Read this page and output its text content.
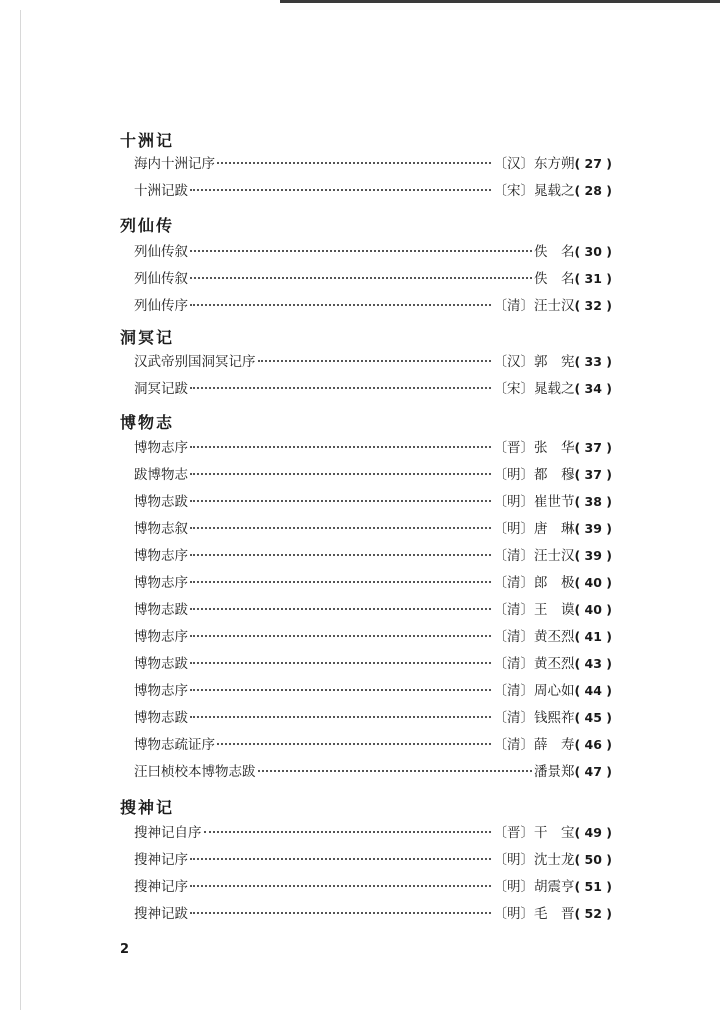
十洲记
海内十洲记序	〔汉〕东方朔 ( 27 )
十洲记跋	〔宋〕晁载之 ( 28 )
列仙传
列仙传叙	佚　名 ( 30 )
列仙传叙	佚　名 ( 31 )
列仙传序	〔清〕汪士汉 ( 32 )
洞冥记
汉武帝别国洞冥记序	〔汉〕郭　宪 ( 33 )
洞冥记跋	〔宋〕晁载之 ( 34 )
博物志
博物志序	〔晋〕张　华 ( 37 )
跋博物志	〔明〕都　穆 ( 37 )
博物志跋	〔明〕崔世节 ( 38 )
博物志叙	〔明〕唐　琳 ( 39 )
博物志序	〔清〕汪士汉 ( 39 )
博物志序	〔清〕郎　极 ( 40 )
博物志跋	〔清〕王　谟 ( 40 )
博物志序	〔清〕黄丕烈 ( 41 )
博物志跋	〔清〕黄丕烈 ( 43 )
博物志序	〔清〕周心如 ( 44 )
博物志跋	〔清〕钱熙祚 ( 45 )
博物志疏证序	〔清〕薛　寿 ( 46 )
汪曰桢校本博物志跋	潘景郑 ( 47 )
搜神记
搜神记自序	〔晋〕干　宝 ( 49 )
搜神记序	〔明〕沈士龙 ( 50 )
搜神记序	〔明〕胡震亨 ( 51 )
搜神记跋	〔明〕毛　晋 ( 52 )
2
